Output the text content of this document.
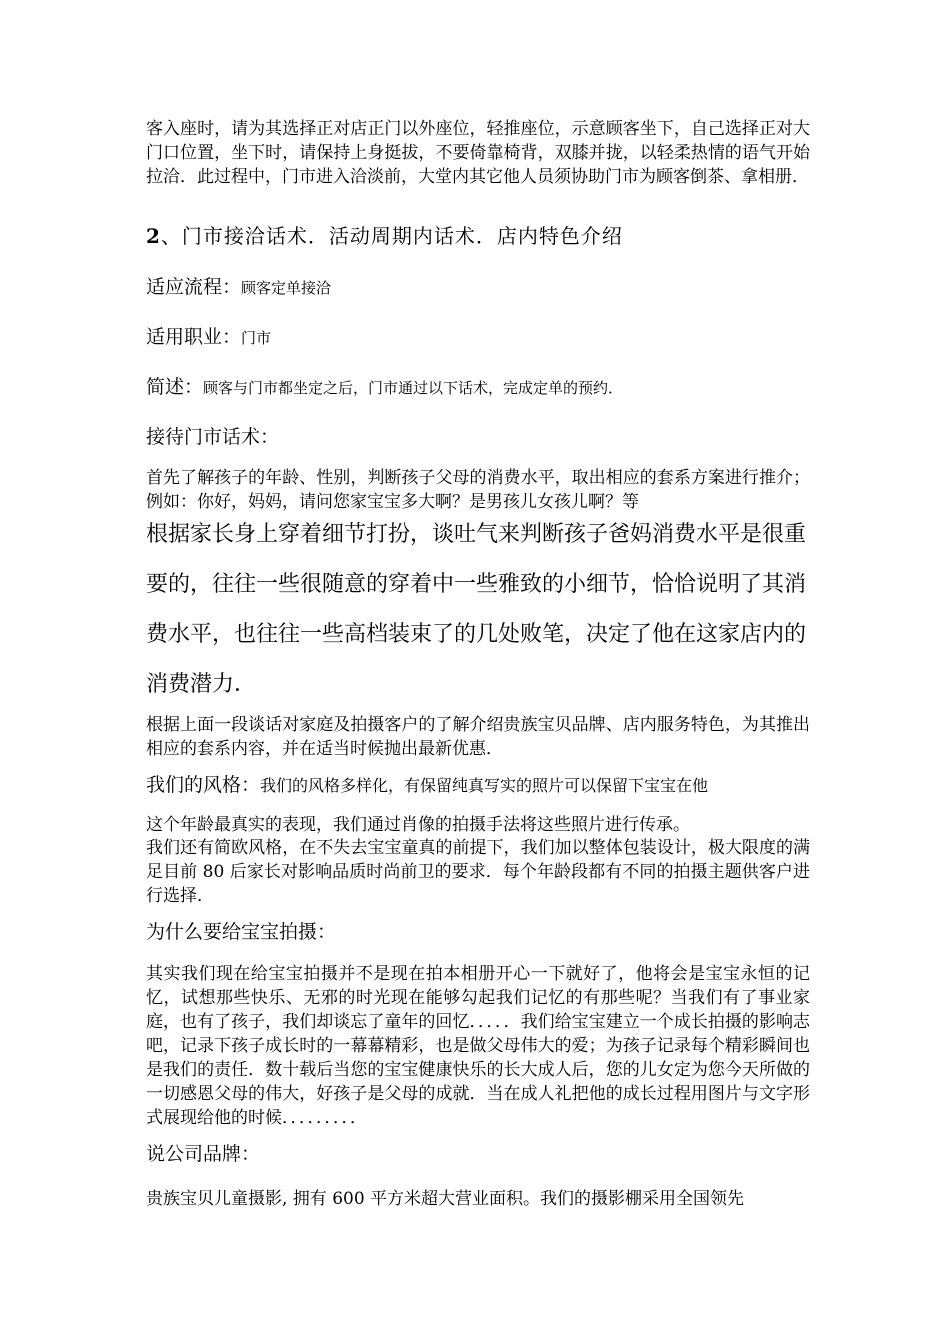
客入座时，请为其选择正对店正门以外座位，轻推座位，示意顾客坐下，自己选择正对大门口位置，坐下时，请保持上身挺拔，不要倚靠椅背，双膝并拢，以轻柔热情的语气开始拉洽．此过程中，门市进入洽淡前，大堂内其它他人员须协助门市为顾客倒茶、拿相册．

2、门市接洽话术．活动周期内话术．店内特色介绍
适应流程：顾客定单接洽
适用职业：门市
简述：顾客与门市都坐定之后，门市通过以下话术，完成定单的预约．
接待门市话术：

首先了解孩子的年龄、性别，判断孩子父母的消费水平，取出相应的套系方案进行推介；例如：你好，妈妈，请问您家宝宝多大啊？是男孩儿女孩儿啊？等

根据家长身上穿着细节打扮，谈吐气来判断孩子爸妈消费水平是很重
要的，往往一些很随意的穿着中一些雅致的小细节，恰恰说明了其消
费水平，也往往一些高档装束了的几处败笔，决定了他在这家店内的
消费潜力．

根据上面一段谈话对家庭及拍摄客户的了解介绍贵族宝贝品牌、店内服务特色，为其推出相应的套系内容，并在适当时候抛出最新优惠．

我们的风格：我们的风格多样化，有保留纯真写实的照片可以保留下宝宝在他
这个年龄最真实的表现，我们通过肖像的拍摄手法将这些照片进行传承。

我们还有简欧风格，在不失去宝宝童真的前提下，我们加以整体包装设计，极大限度的满足目前 80 后家长对影响品质时尚前卫的要求．每个年龄段都有不同的拍摄主题供客户进行选择．

为什么要给宝宝拍摄：

其实我们现在给宝宝拍摄并不是现在拍本相册开心一下就好了，他将会是宝宝永恒的记忆，试想那些快乐、无邪的时光现在能够勾起我们记忆的有那些呢？当我们有了事业家庭，也有了孩子，我们却谈忘了童年的回忆．．．．．我们给宝宝建立一个成长拍摄的影响志吧，记录下孩子成长时的一幕幕精彩，也是做父母伟大的爱；为孩子记录每个精彩瞬间也是我们的责任．数十载后当您的宝宝健康快乐的长大成人后，您的儿女定为您今天所做的一切感恩父母的伟大，好孩子是父母的成就．当在成人礼把他的成长过程用图片与文字形式展现给他的时候．．．．．．．．．

说公司品牌：

贵族宝贝儿童摄影, 拥有 600 平方米超大营业面积。我们的摄影棚采用全国领先
